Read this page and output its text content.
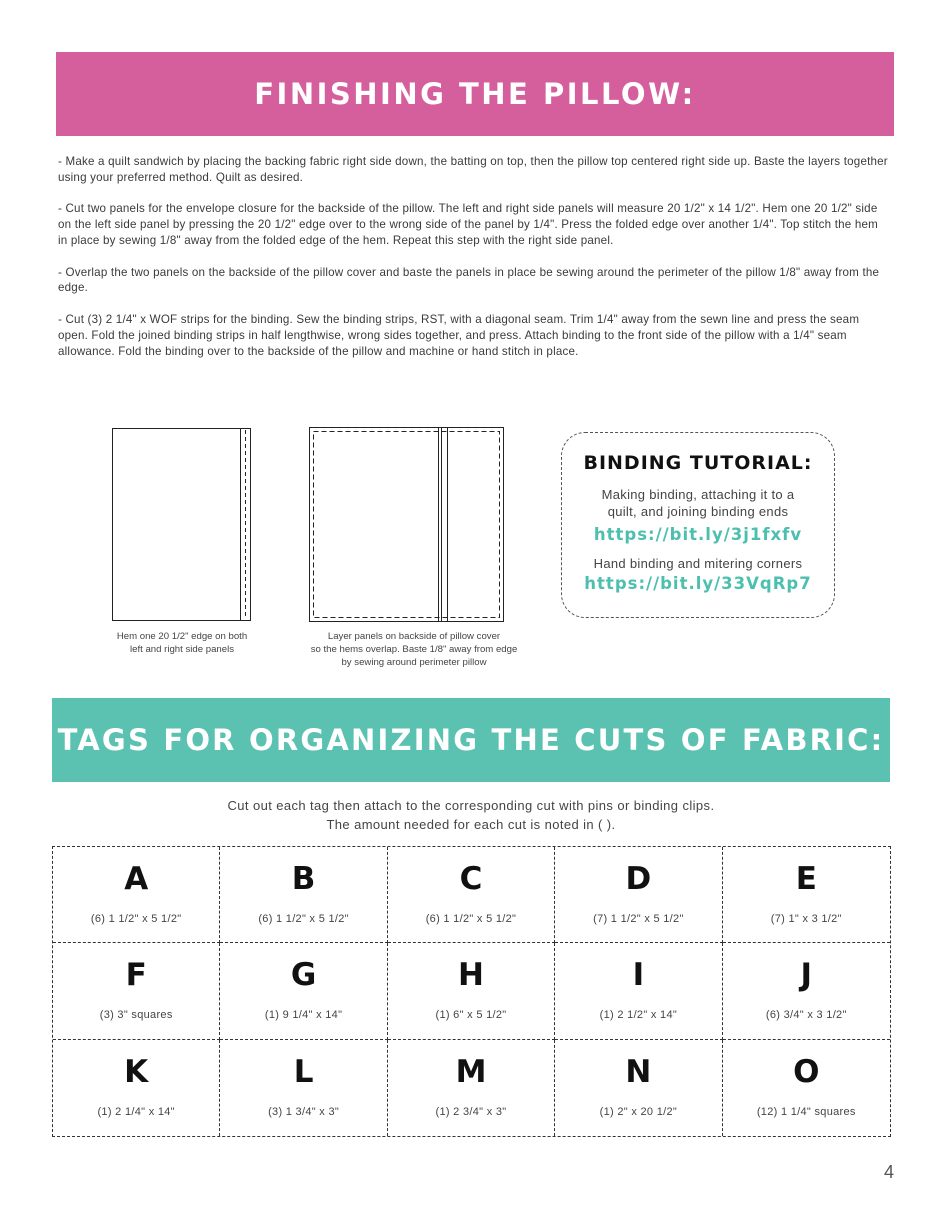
FINISHING THE PILLOW:

- Make a quilt sandwich by placing the backing fabric right side down, the batting on top, then the pillow top centered right side up. Baste the layers together using your preferred method. Quilt as desired.

- Cut two panels for the envelope closure for the backside of the pillow. The left and right side panels will measure 20 1/2" x 14 1/2". Hem one 20 1/2" side on the left side panel by pressing the 20 1/2" edge over to the wrong side of the panel by 1/4". Press the folded edge over another 1/4". Top stitch the hem in place by sewing 1/8" away from the folded edge of the hem. Repeat this step with the right side panel.

- Overlap the two panels on the backside of the pillow cover and baste the panels in place be sewing around the perimeter of the pillow 1/8" away from the edge.

- Cut (3) 2 1/4" x WOF strips for the binding. Sew the binding strips, RST, with a diagonal seam. Trim 1/4" away from the sewn line and press the seam open. Fold the joined binding strips in half lengthwise, wrong sides together, and press. Attach binding to the front side of the pillow with a 1/4" seam allowance. Fold the binding over to the backside of the pillow and machine or hand stitch in place.

Hem one 20 1/2" edge on both
left and right side panels
Layer panels on backside of pillow cover
so the hems overlap. Baste 1/8" away from edge
by sewing around perimeter pillow
BINDING TUTORIAL:
Making binding, attaching it to a
quilt, and joining binding ends
https://bit.ly/3j1fxfv
Hand binding and mitering corners
https://bit.ly/33VqRp7
TAGS FOR ORGANIZING THE CUTS OF FABRIC:
Cut out each tag then attach to the corresponding cut with pins or binding clips.
The amount needed for each cut is noted in ( ).
A
(6) 1 1/2" x 5 1/2"
B
(6) 1 1/2" x 5 1/2"
C
(6) 1 1/2" x 5 1/2"
D
(7) 1 1/2" x 5 1/2"
E
(7) 1" x 3 1/2"
F
(3) 3" squares
G
(1) 9 1/4" x 14"
H
(1) 6" x 5 1/2"
I
(1) 2 1/2" x 14"
J
(6) 3/4" x 3 1/2"
K
(1) 2 1/4" x 14"
L
(3) 1 3/4" x 3"
M
(1) 2 3/4" x 3"
N
(1) 2" x 20 1/2"
O
(12) 1 1/4" squares
4
